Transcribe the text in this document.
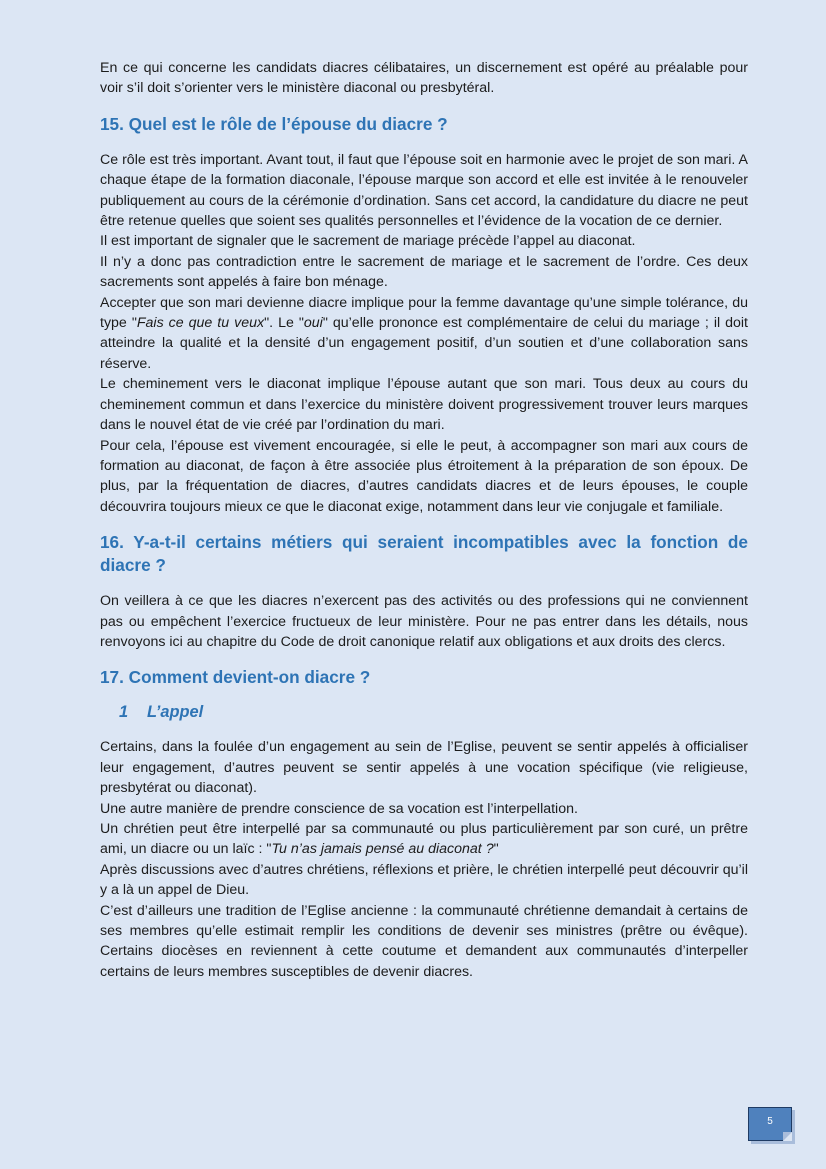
En ce qui concerne les candidats diacres célibataires, un discernement est opéré au préalable pour voir s’il doit s’orienter vers le ministère diaconal ou presbytéral.

15. Quel est le rôle de l’épouse du diacre ?

Ce rôle est très important. Avant tout, il faut que l’épouse soit en harmonie avec le projet de son mari. A chaque étape de la formation diaconale, l’épouse marque son accord et elle est invitée à le renouveler publiquement au cours de la cérémonie d’ordination. Sans cet accord, la candidature du diacre ne peut être retenue quelles que soient ses qualités personnelles et l’évidence de la vocation de ce dernier.

Il est important de signaler que le sacrement de mariage précède l’appel au diaconat.

Il n’y a donc pas contradiction entre le sacrement de mariage et le sacrement de l’ordre. Ces deux sacrements sont appelés à faire bon ménage.

Accepter que son mari devienne diacre implique pour la femme davantage qu’une simple tolérance, du type "Fais ce que tu veux". Le "oui" qu’elle prononce est complémentaire de celui du mariage ; il doit atteindre la qualité et la densité d’un engagement positif, d’un soutien et d’une collaboration sans réserve.

Le cheminement vers le diaconat implique l’épouse autant que son mari. Tous deux au cours du cheminement commun et dans l’exercice du ministère doivent progressivement trouver leurs marques dans le nouvel état de vie créé par l’ordination du mari.

Pour cela, l’épouse est vivement encouragée, si elle le peut, à accompagner son mari aux cours de formation au diaconat, de façon à être associée plus étroitement à la préparation de son époux. De plus, par la fréquentation de diacres, d’autres candidats diacres et de leurs épouses, le couple découvrira toujours mieux ce que le diaconat exige, notamment dans leur vie conjugale et familiale.

16. Y-a-t-il certains métiers qui seraient incompatibles avec la fonction de diacre ?

On veillera à ce que les diacres n’exercent pas des activités ou des professions qui ne conviennent pas ou empêchent l’exercice fructueux de leur ministère. Pour ne pas entrer dans les détails, nous renvoyons ici au chapitre du Code de droit canonique relatif aux obligations et aux droits des clercs.

17. Comment devient-on diacre ?
1 L’appel

Certains, dans la foulée d’un engagement au sein de l’Eglise, peuvent se sentir appelés à officialiser leur engagement, d’autres peuvent se sentir appelés à une vocation spécifique (vie religieuse, presbytérat ou diaconat).

Une autre manière de prendre conscience de sa vocation est l’interpellation.

Un chrétien peut être interpellé par sa communauté ou plus particulièrement par son curé, un prêtre ami, un diacre ou un laïc : "Tu n’as jamais pensé au diaconat ?"

Après discussions avec d’autres chrétiens, réflexions et prière, le chrétien interpellé peut découvrir qu’il y a là un appel de Dieu.

C’est d’ailleurs une tradition de l’Eglise ancienne : la communauté chrétienne demandait à certains de ses membres qu’elle estimait remplir les conditions de devenir ses ministres (prêtre ou évêque). Certains diocèses en reviennent à cette coutume et demandent aux communautés d’interpeller certains de leurs membres susceptibles de devenir diacres.

5
